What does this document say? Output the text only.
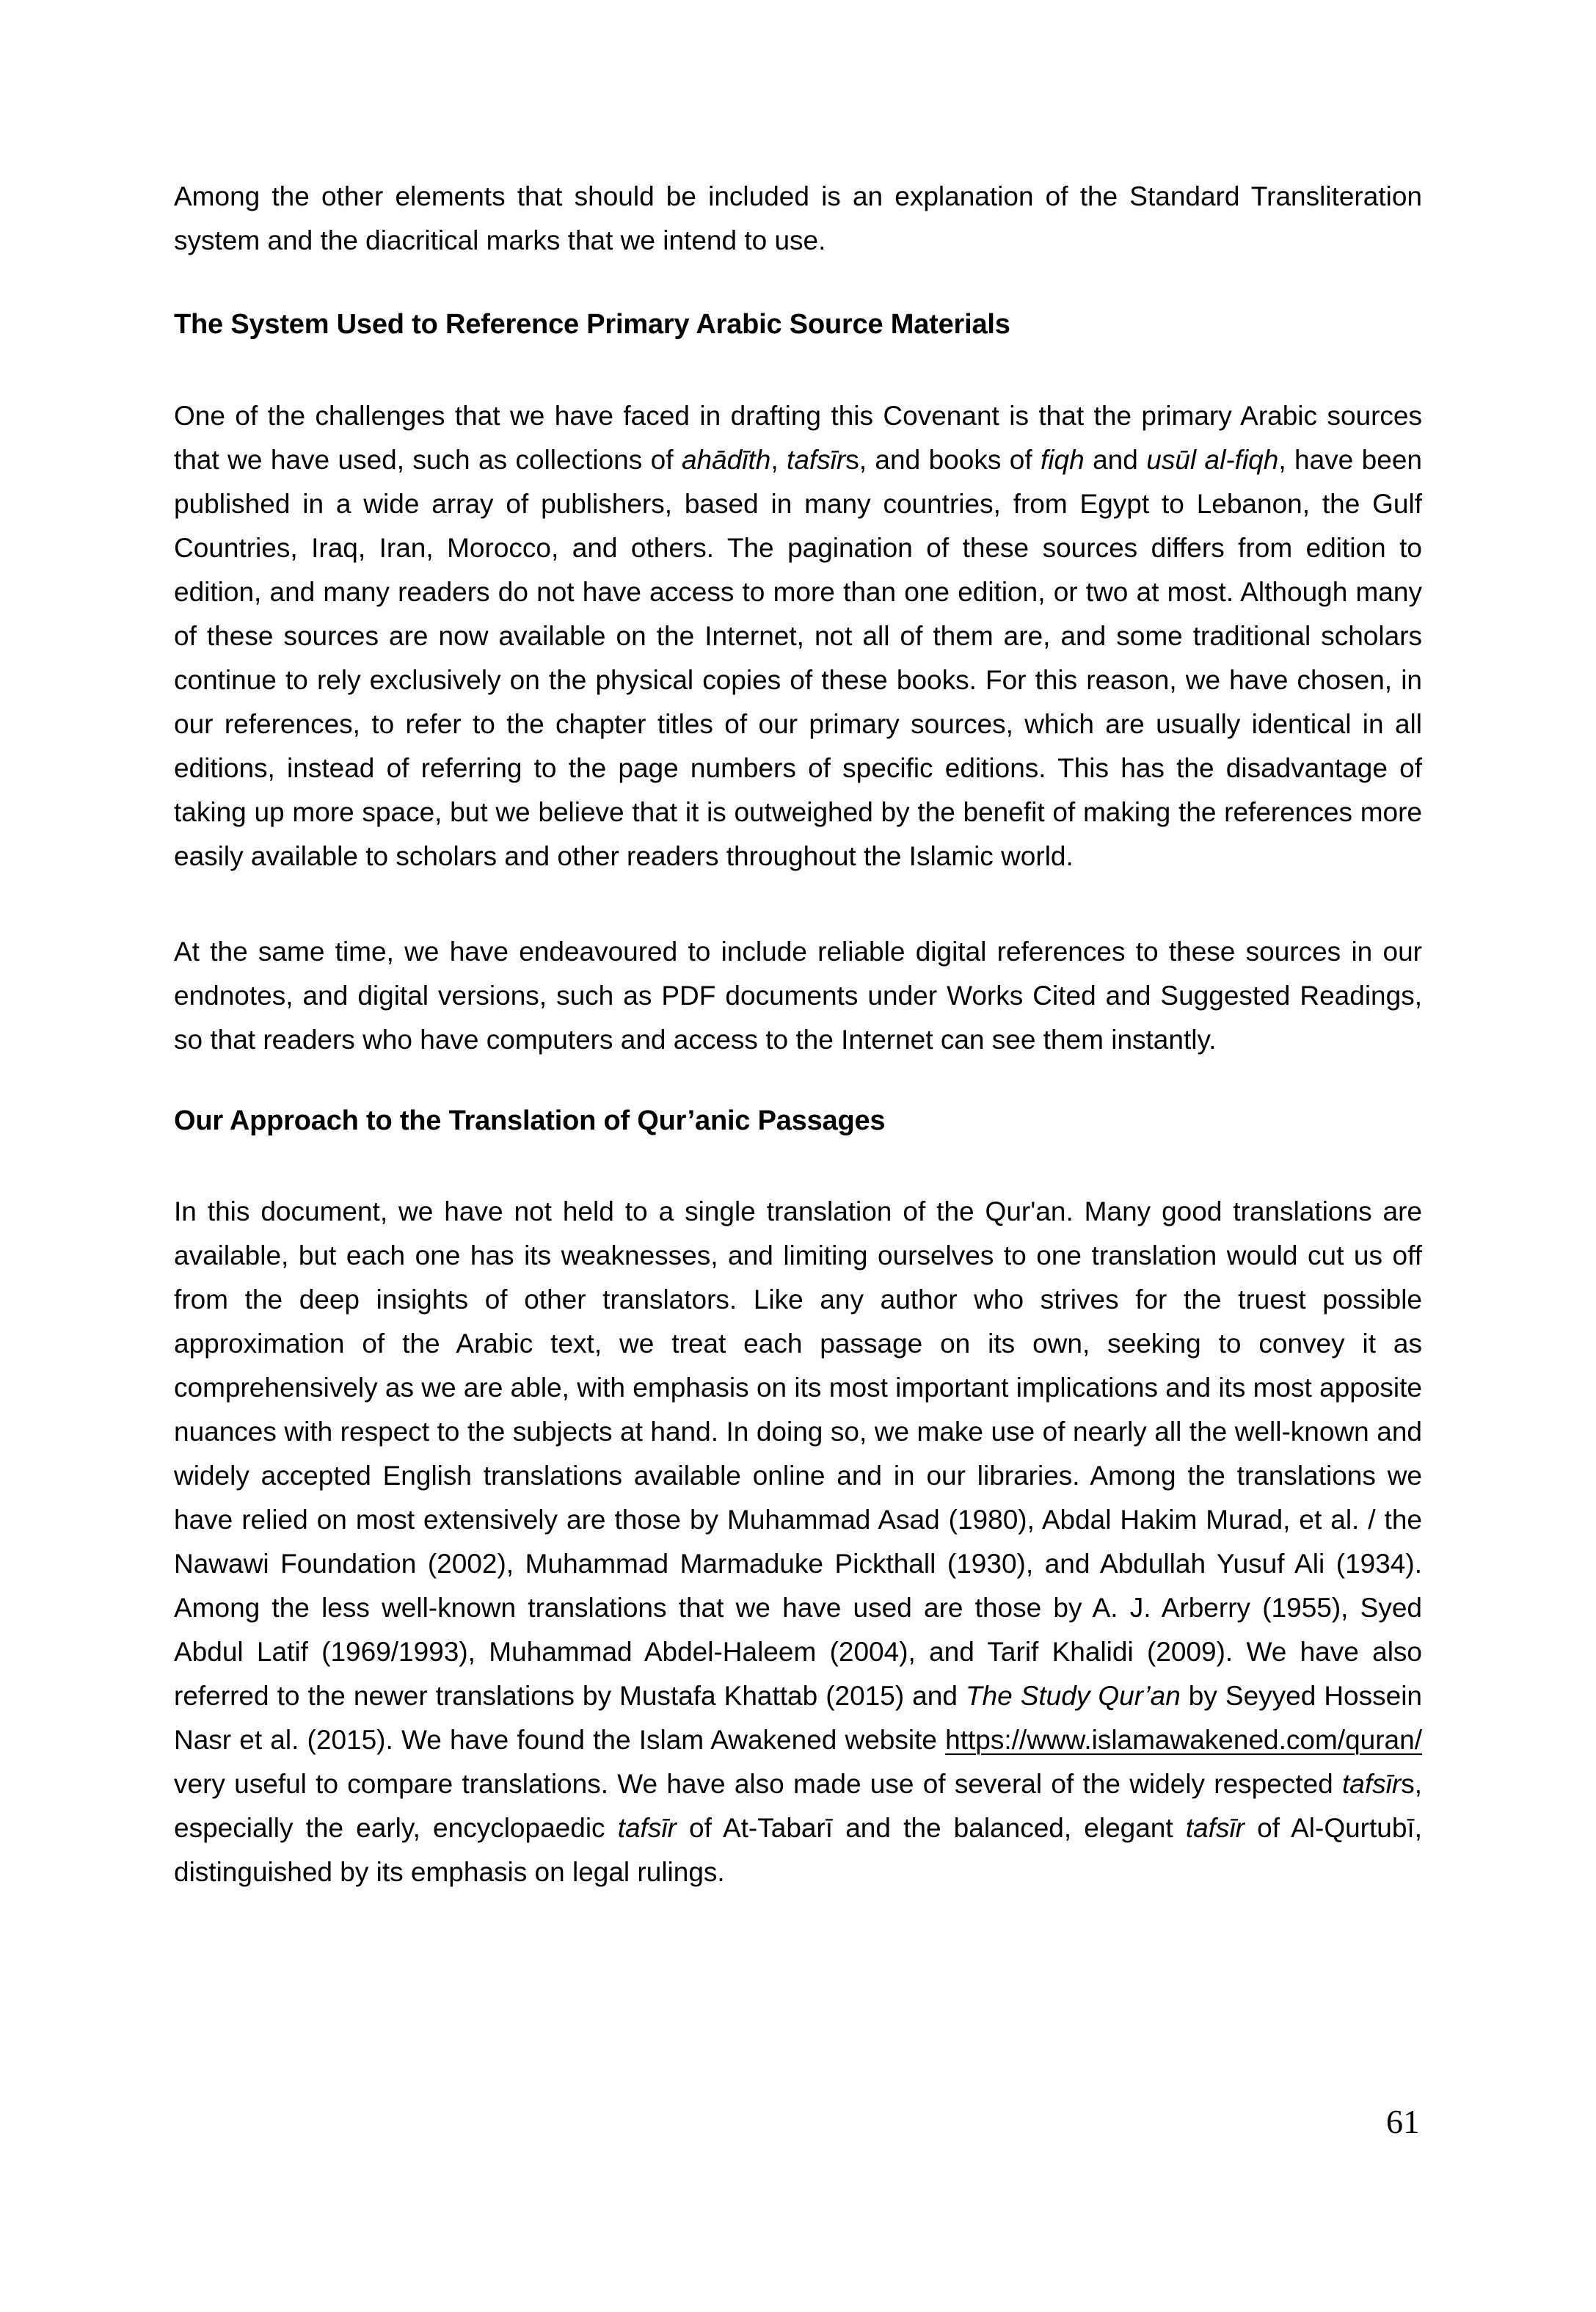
Among the other elements that should be included is an explanation of the Standard Transliteration system and the diacritical marks that we intend to use.

The System Used to Reference Primary Arabic Source Materials

One of the challenges that we have faced in drafting this Covenant is that the primary Arabic sources that we have used, such as collections of ahādīth, tafsīrs, and books of fiqh and usūl al-fiqh, have been published in a wide array of publishers, based in many countries, from Egypt to Lebanon, the Gulf Countries, Iraq, Iran, Morocco, and others. The pagination of these sources differs from edition to edition, and many readers do not have access to more than one edition, or two at most. Although many of these sources are now available on the Internet, not all of them are, and some traditional scholars continue to rely exclusively on the physical copies of these books. For this reason, we have chosen, in our references, to refer to the chapter titles of our primary sources, which are usually identical in all editions, instead of referring to the page numbers of specific editions. This has the disadvantage of taking up more space, but we believe that it is outweighed by the benefit of making the references more easily available to scholars and other readers throughout the Islamic world.

At the same time, we have endeavoured to include reliable digital references to these sources in our endnotes, and digital versions, such as PDF documents under Works Cited and Suggested Readings, so that readers who have computers and access to the Internet can see them instantly.

Our Approach to the Translation of Qur’anic Passages

In this document, we have not held to a single translation of the Qur'an. Many good translations are available, but each one has its weaknesses, and limiting ourselves to one translation would cut us off from the deep insights of other translators. Like any author who strives for the truest possible approximation of the Arabic text, we treat each passage on its own, seeking to convey it as comprehensively as we are able, with emphasis on its most important implications and its most apposite nuances with respect to the subjects at hand. In doing so, we make use of nearly all the well-known and widely accepted English translations available online and in our libraries. Among the translations we have relied on most extensively are those by Muhammad Asad (1980), Abdal Hakim Murad, et al. / the Nawawi Foundation (2002), Muhammad Marmaduke Pickthall (1930), and Abdullah Yusuf Ali (1934). Among the less well-known translations that we have used are those by A. J. Arberry (1955), Syed Abdul Latif (1969/1993), Muhammad Abdel-Haleem (2004), and Tarif Khalidi (2009). We have also referred to the newer translations by Mustafa Khattab (2015) and The Study Qur’an by Seyyed Hossein Nasr et al. (2015). We have found the Islam Awakened website https://www.islamawakened.com/quran/ very useful to compare translations. We have also made use of several of the widely respected tafsīrs, especially the early, encyclopaedic tafsīr of At-Tabarī and the balanced, elegant tafsīr of Al-Qurtubī, distinguished by its emphasis on legal rulings.

61
